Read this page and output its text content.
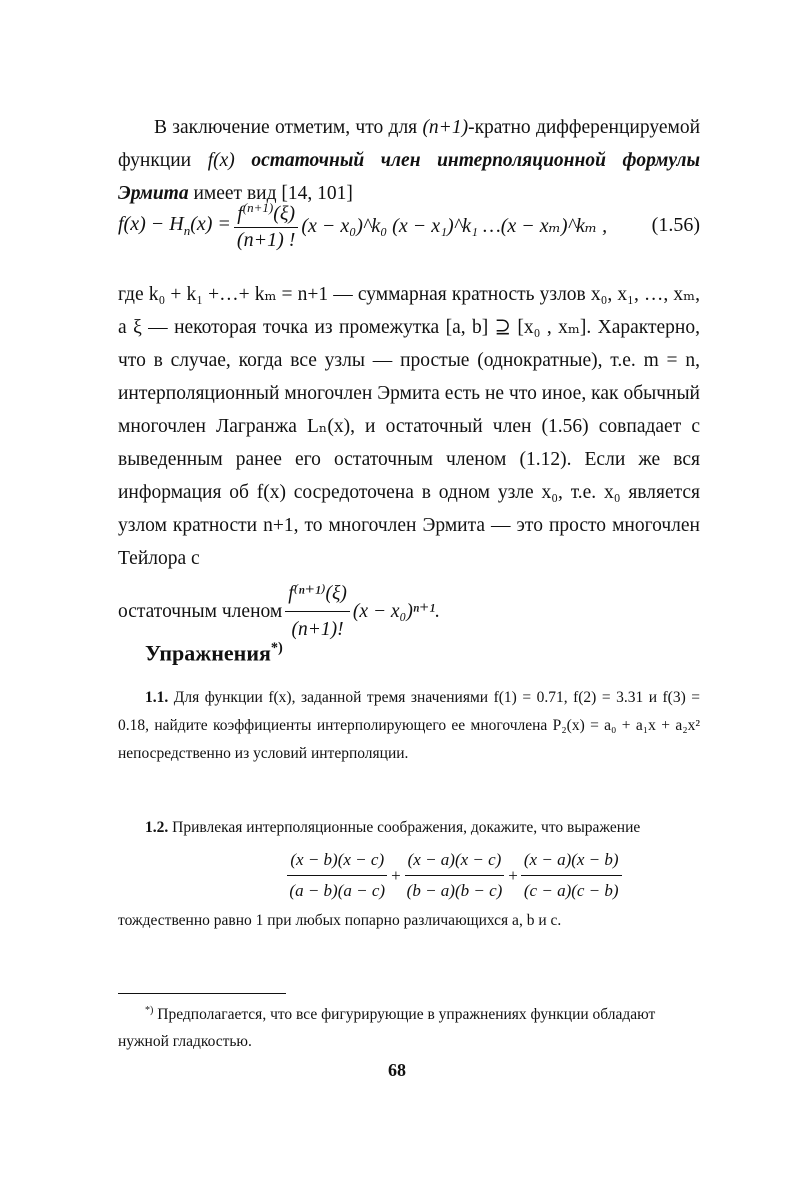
В заключение отметим, что для (n+1)-кратно дифференцируемой функции f(x) остаточный член интерполяционной формулы Эрмита имеет вид [14, 101]

$f(x) - H_n(x) = \frac{f^{(n+1)}(\xi)}{(n+1) !} (x$ − x₀)^k₀ (x − x₁)^k₁ …(x − xₘ)^kₘ , (1.56)

где k₀ + k₁ +…+ kₘ = n+1 — суммарная кратность узлов x₀, x₁, …, xₘ, а ξ — некоторая точка из промежутка [a, b] ⊇ [x₀ , xₘ]. Характерно, что в случае, когда все узлы — простые (однократные), т.е. m = n, интерполяционный многочлен Эрмита есть не что иное, как обычный многочлен Лагранжа Lₙ(x), и остаточный член (1.56) совпадает с выведенным ранее его остаточным членом (1.12). Если же вся информация об f(x) сосредоточена в одном узле x₀, т.е. x₀ является узлом кратности n+1, то многочлен Эрмита — это просто многочлен Тейлора с

остаточным членом $\frac{\text{f⁽ⁿ⁺¹⁾(ξ)}}{(n+1)!} (x - x_0)^{n+1}$.
Упражнения*)

1.1. Для функции f(x), заданной тремя значениями f(1) = 0.71, f(2) = 3.31 и f(3) = 0.18, найдите коэффициенты интерполирующего ее многочлена P₂(x) = a₀ + a₁x + a₂x² непосредственно из условий интерполяции.

1.2. Привлекая интерполяционные соображения, докажите, что выражение

$\frac{(x - b)(x - c)}{(a - b)(a - c)} + \frac{(x - a)(x - c)}{(b - a)(b - c)} + \frac{(x - a)(x - b)}{(c - a)(c - b)}$

тождественно равно 1 при любых попарно различающихся a, b и c.

*) Предполагается, что все фигурирующие в упражнениях функции обладают нужной гладкостью.

68
